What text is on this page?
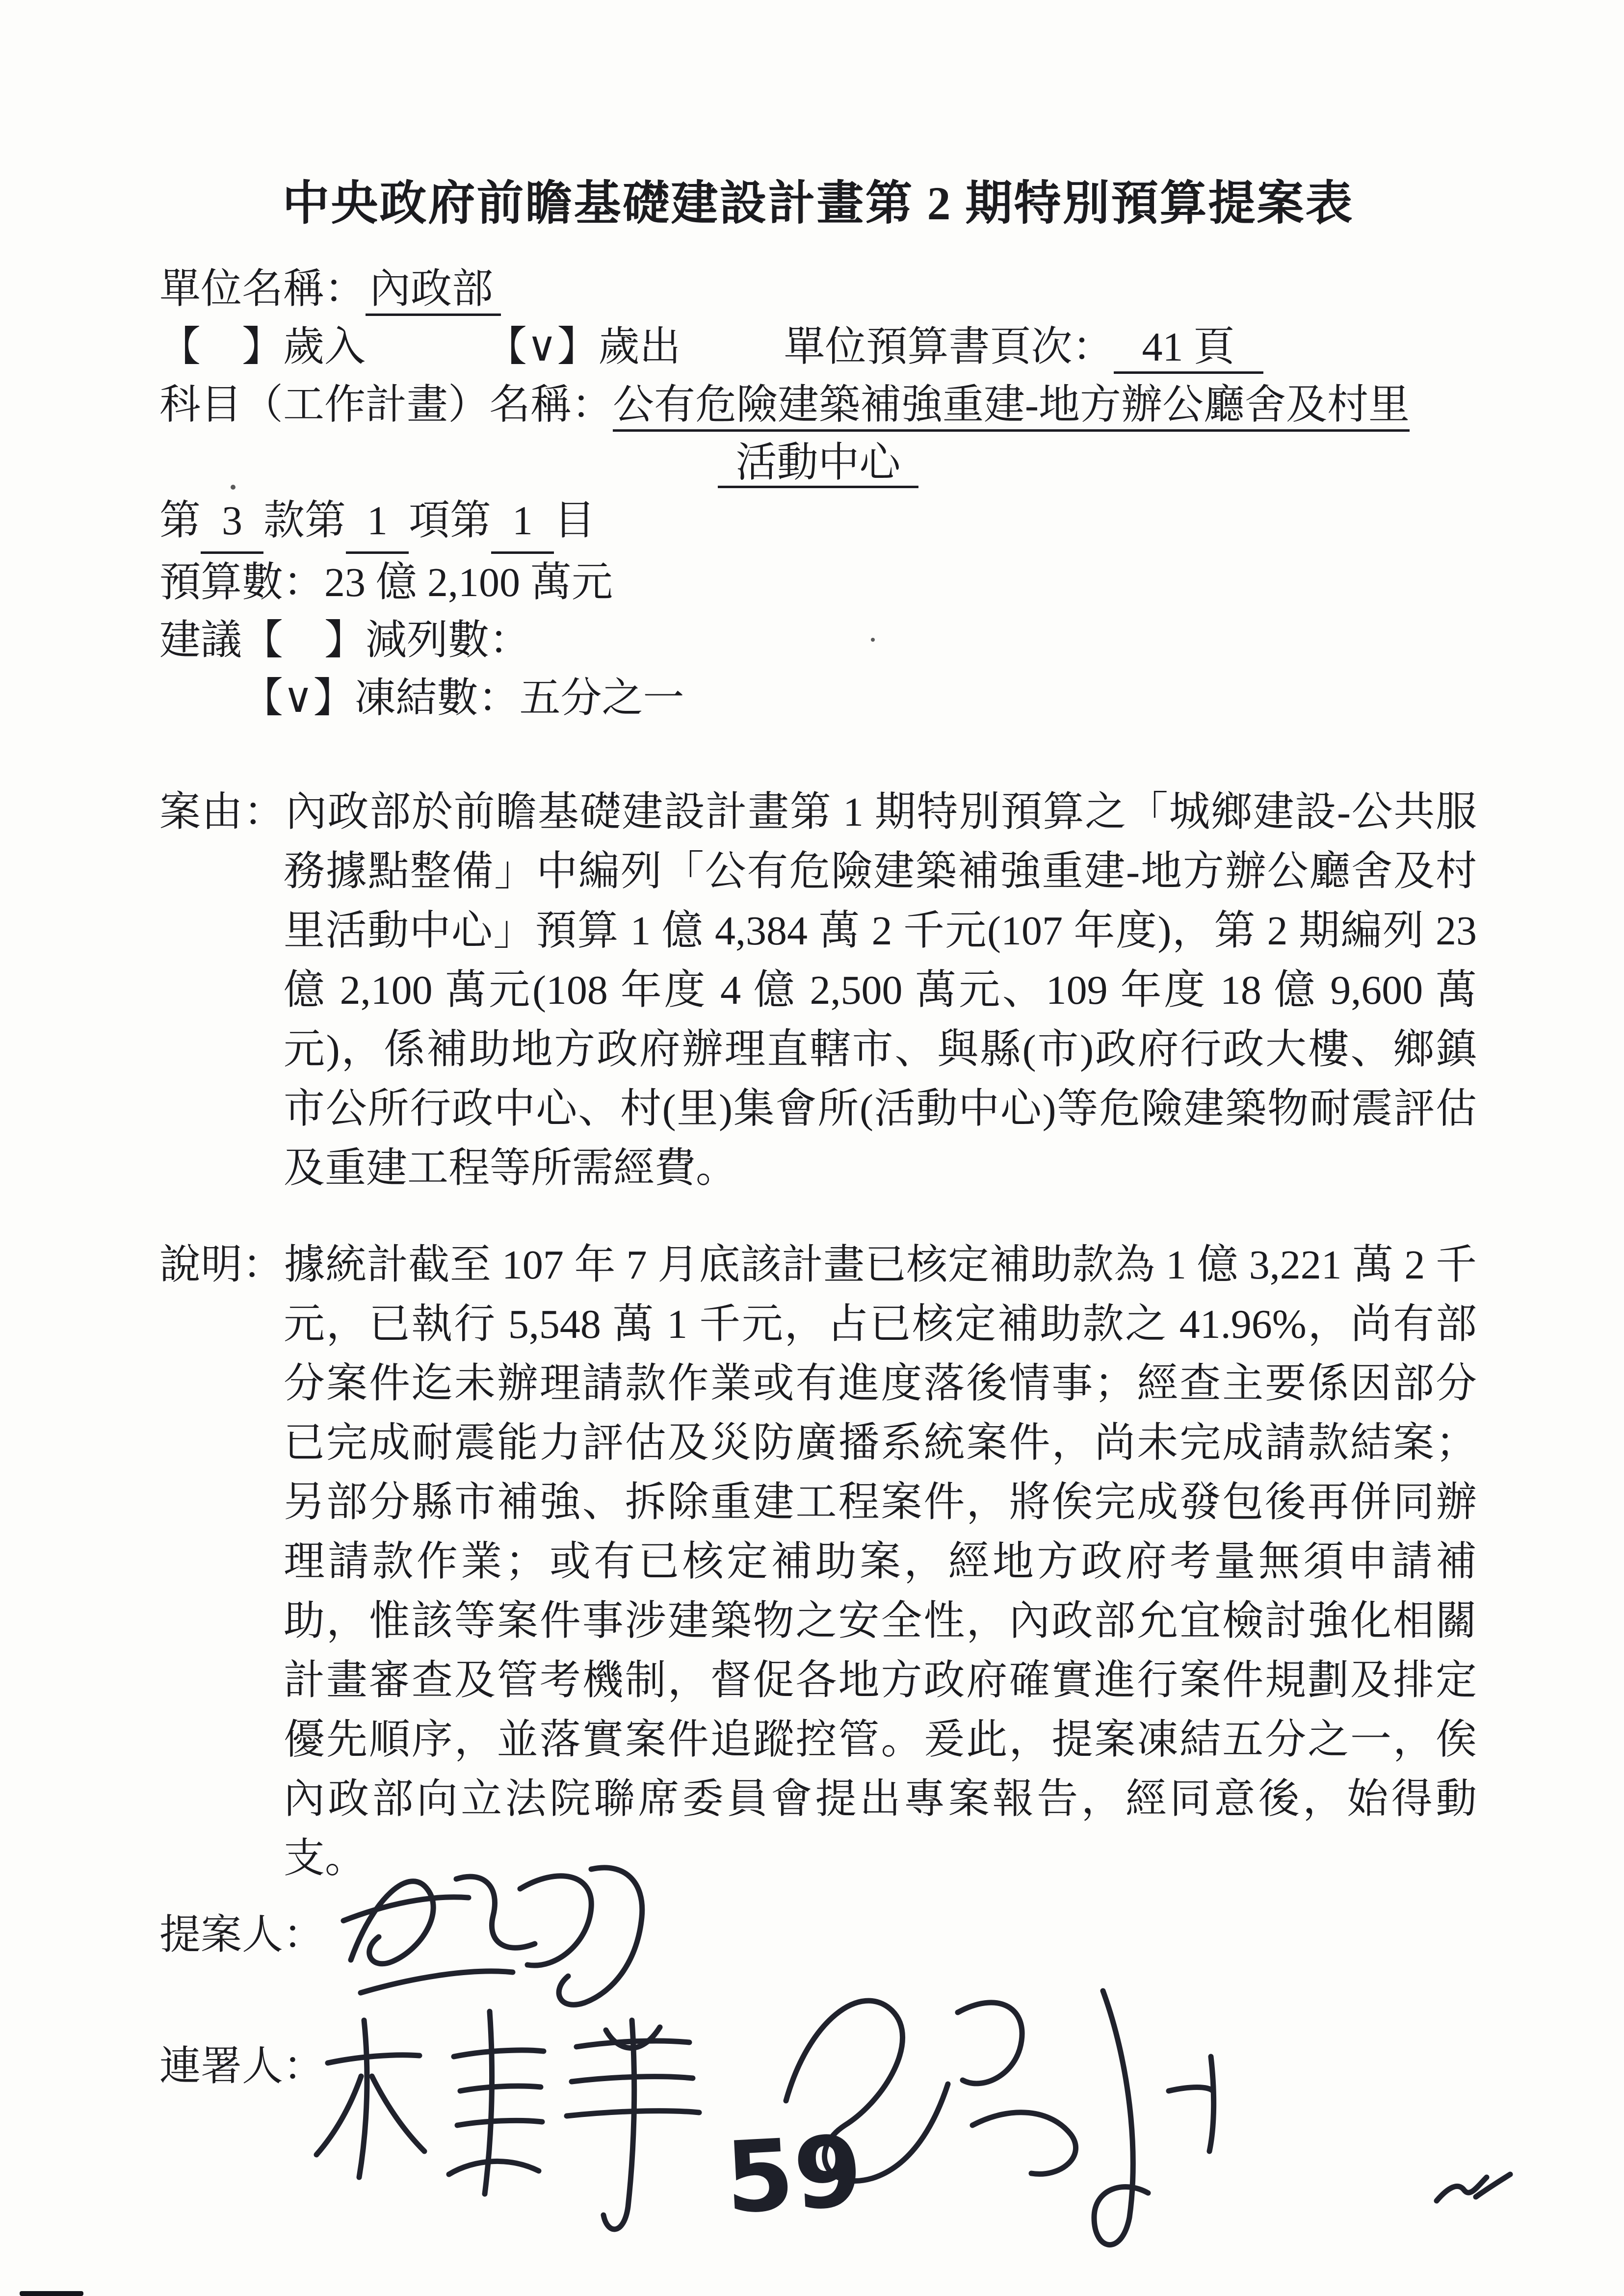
中央政府前瞻基礎建設計畫第 2 期特別預算提案表
單位名稱：內政部
【　】歲入	【∨】歲出	單位預算書頁次： 41 頁
科目（工作計畫）名稱：公有危險建築補強重建-地方辦公廳舍及村里
活動中心
第 3 款第 1 項第 1 目
預算數：23 億 2,100 萬元
建議【　】減列數：
【∨】凍結數：五分之一
案由：內政部於前瞻基礎建設計畫第 1 期特別預算之「城鄉建設-公共服務據點整備」中編列「公有危險建築補強重建-地方辦公廳舍及村里活動中心」預算 1 億 4,384 萬 2 千元(107 年度)，第 2 期編列 23 億 2,100 萬元(108 年度 4 億 2,500 萬元、109 年度 18 億 9,600 萬元)，係補助地方政府辦理直轄市、與縣(市)政府行政大樓、鄉鎮市公所行政中心、村(里)集會所(活動中心)等危險建築物耐震評估及重建工程等所需經費。
說明：據統計截至 107 年 7 月底該計畫已核定補助款為 1 億 3,221 萬 2 千元，已執行 5,548 萬 1 千元，占已核定補助款之 41.96%，尚有部分案件迄未辦理請款作業或有進度落後情事；經查主要係因部分已完成耐震能力評估及災防廣播系統案件，尚未完成請款結案；另部分縣市補強、拆除重建工程案件，將俟完成發包後再併同辦理請款作業；或有已核定補助案，經地方政府考量無須申請補助，惟該等案件事涉建築物之安全性，內政部允宜檢討強化相關計畫審查及管考機制，督促各地方政府確實進行案件規劃及排定優先順序，並落實案件追蹤控管。爰此，提案凍結五分之一，俟內政部向立法院聯席委員會提出專案報告，經同意後，始得動支。
提案人：
連署人：
59
